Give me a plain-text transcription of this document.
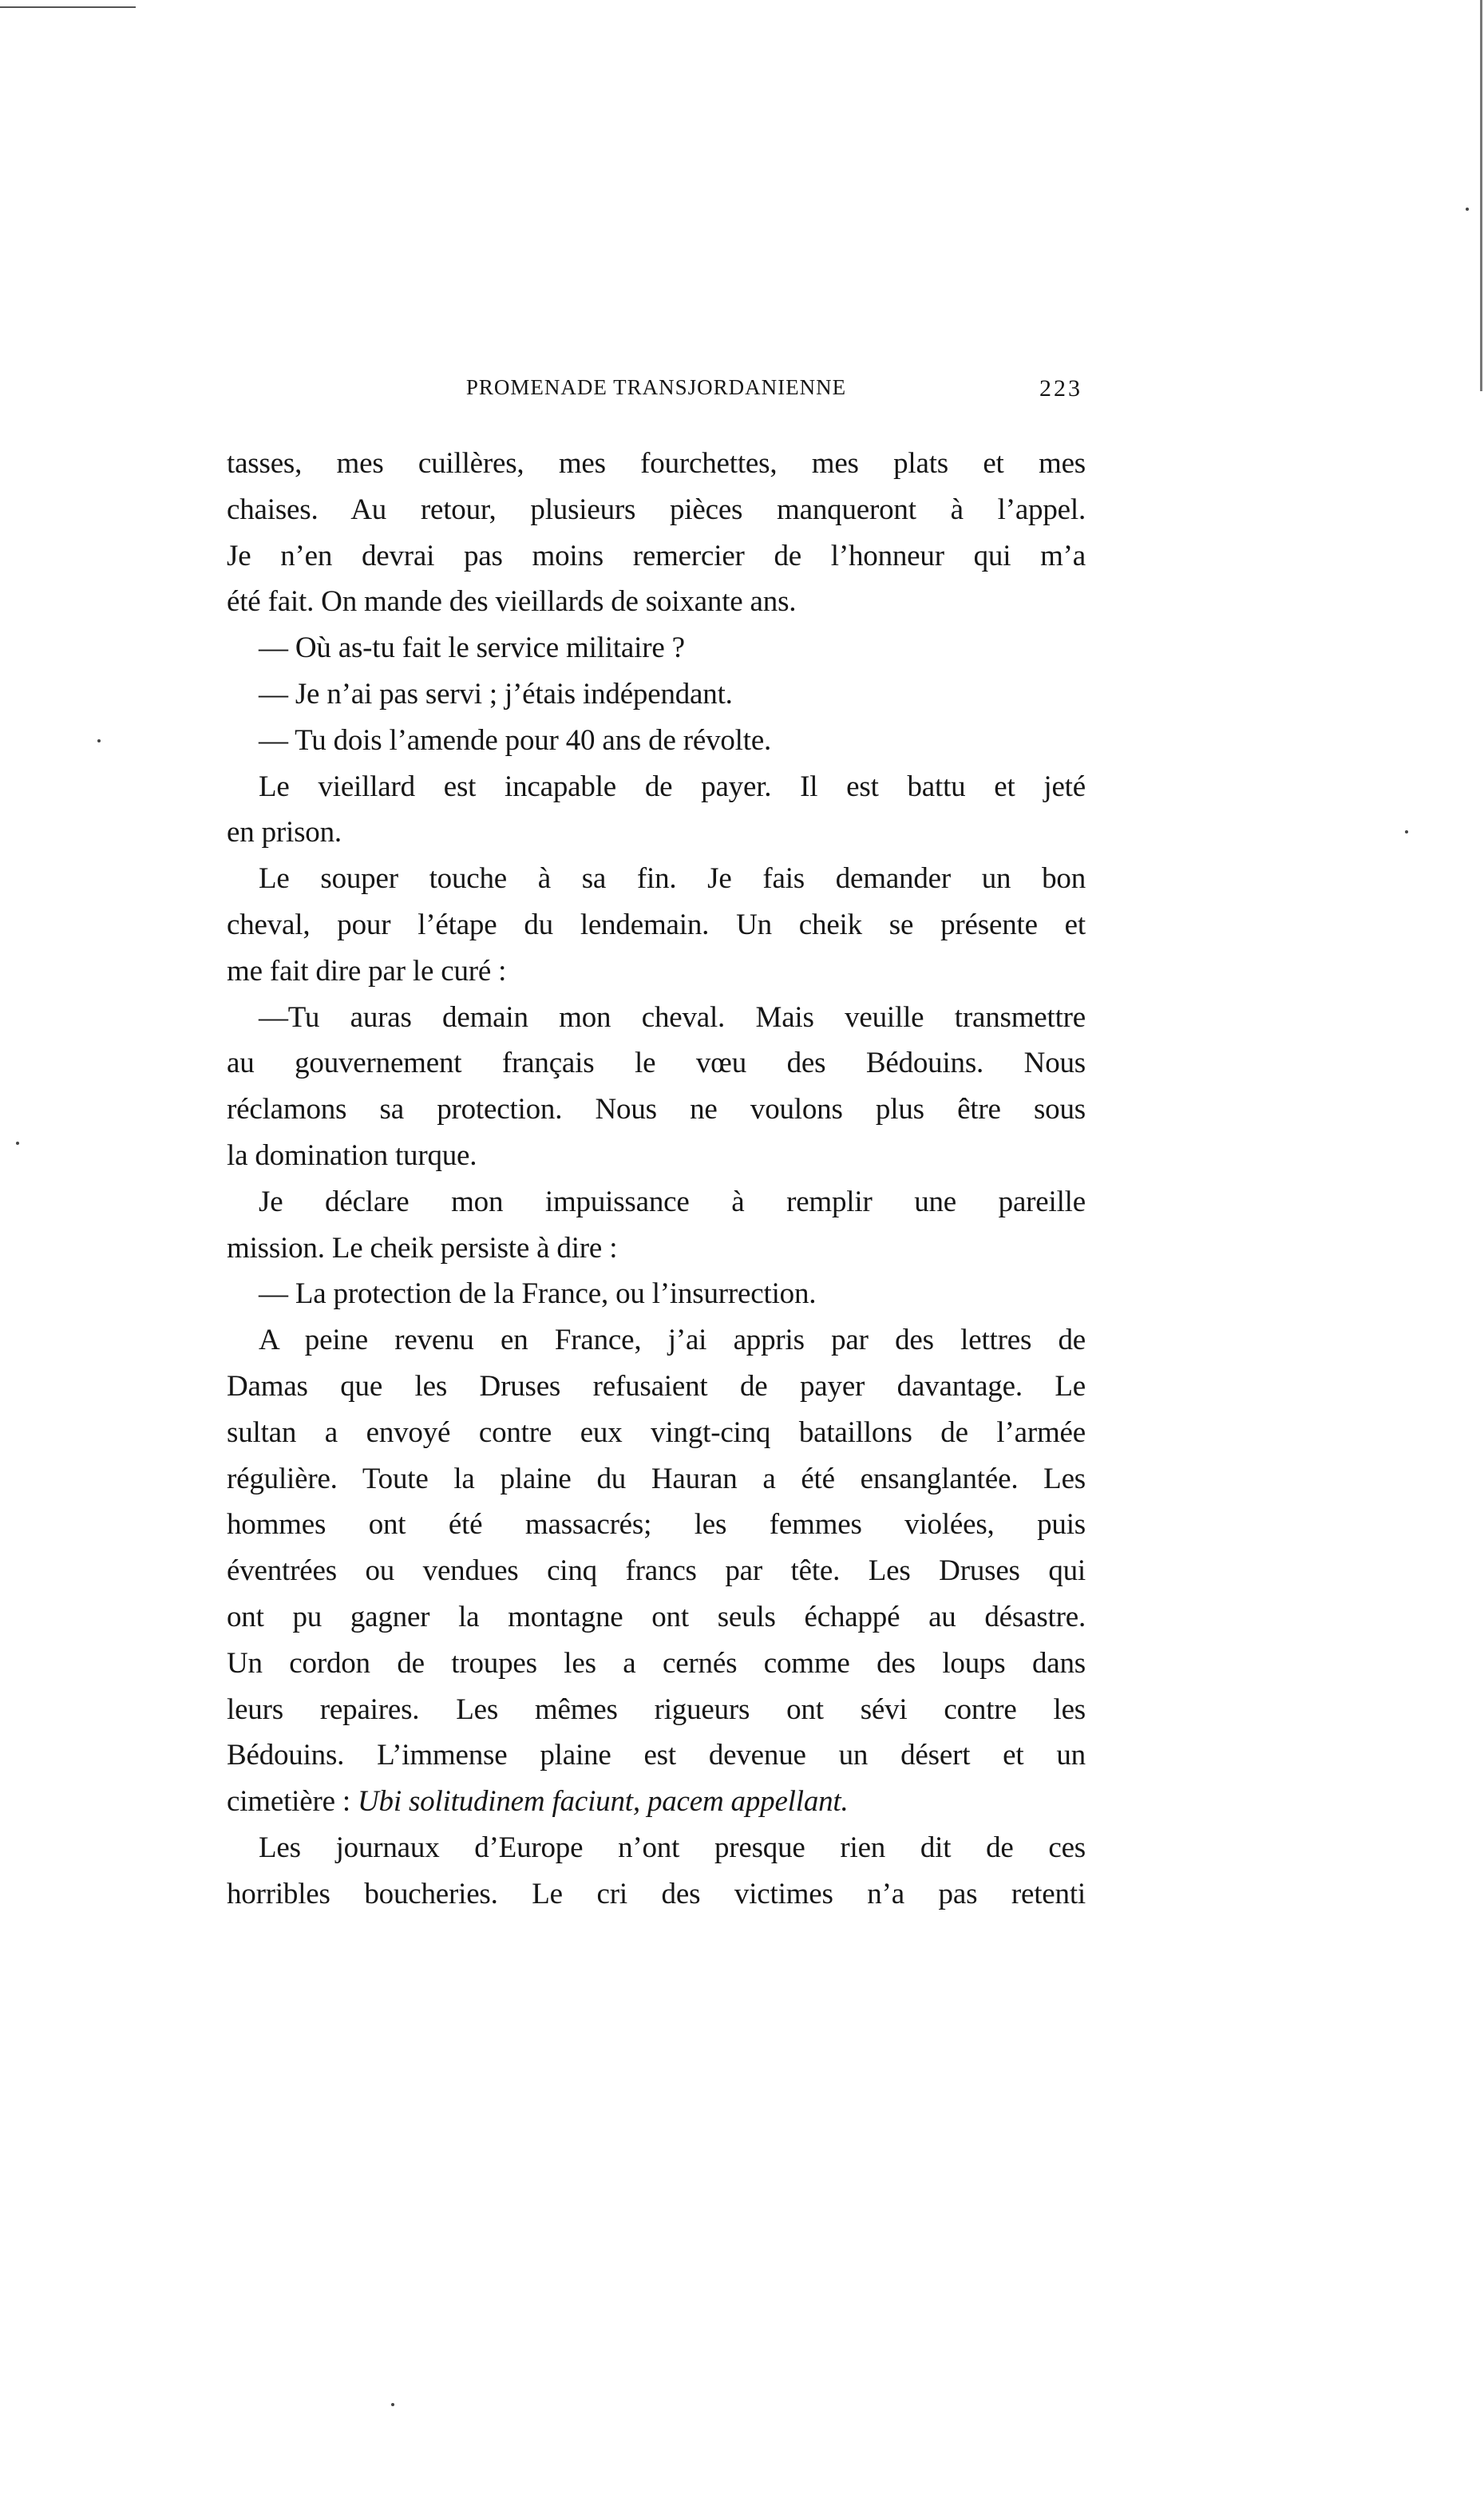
PROMENADE TRANSJORDANIENNE	223
tasses, mes cuillères, mes fourchettes, mes plats et mes
chaises. Au retour, plusieurs pièces manqueront à l’appel.
Je n’en devrai pas moins remercier de l’honneur qui m’a
été fait. On mande des vieillards de soixante ans.
— Où as-tu fait le service militaire ?
— Je n’ai pas servi ; j’étais indépendant.
— Tu dois l’amende pour 40 ans de révolte.
Le vieillard est incapable de payer. Il est battu et jeté
en prison.
Le souper touche à sa fin. Je fais demander un bon
cheval, pour l’étape du lendemain. Un cheik se présente et
me fait dire par le curé :
—Tu auras demain mon cheval. Mais veuille transmettre
au gouvernement français le vœu des Bédouins. Nous
réclamons sa protection. Nous ne voulons plus être sous
la domination turque.
Je déclare mon impuissance à remplir une pareille
mission. Le cheik persiste à dire :
— La protection de la France, ou l’insurrection.
A peine revenu en France, j’ai appris par des lettres de
Damas que les Druses refusaient de payer davantage. Le
sultan a envoyé contre eux vingt-cinq bataillons de l’armée
régulière. Toute la plaine du Hauran a été ensanglantée. Les
hommes ont été massacrés; les femmes violées, puis
éventrées ou vendues cinq francs par tête. Les Druses qui
ont pu gagner la montagne ont seuls échappé au désastre.
Un cordon de troupes les a cernés comme des loups dans
leurs repaires. Les mêmes rigueurs ont sévi contre les
Bédouins. L’immense plaine est devenue un désert et un
cimetière : Ubi solitudinem faciunt, pacem appellant.
Les journaux d’Europe n’ont presque rien dit de ces
horribles boucheries. Le cri des victimes n’a pas retenti
